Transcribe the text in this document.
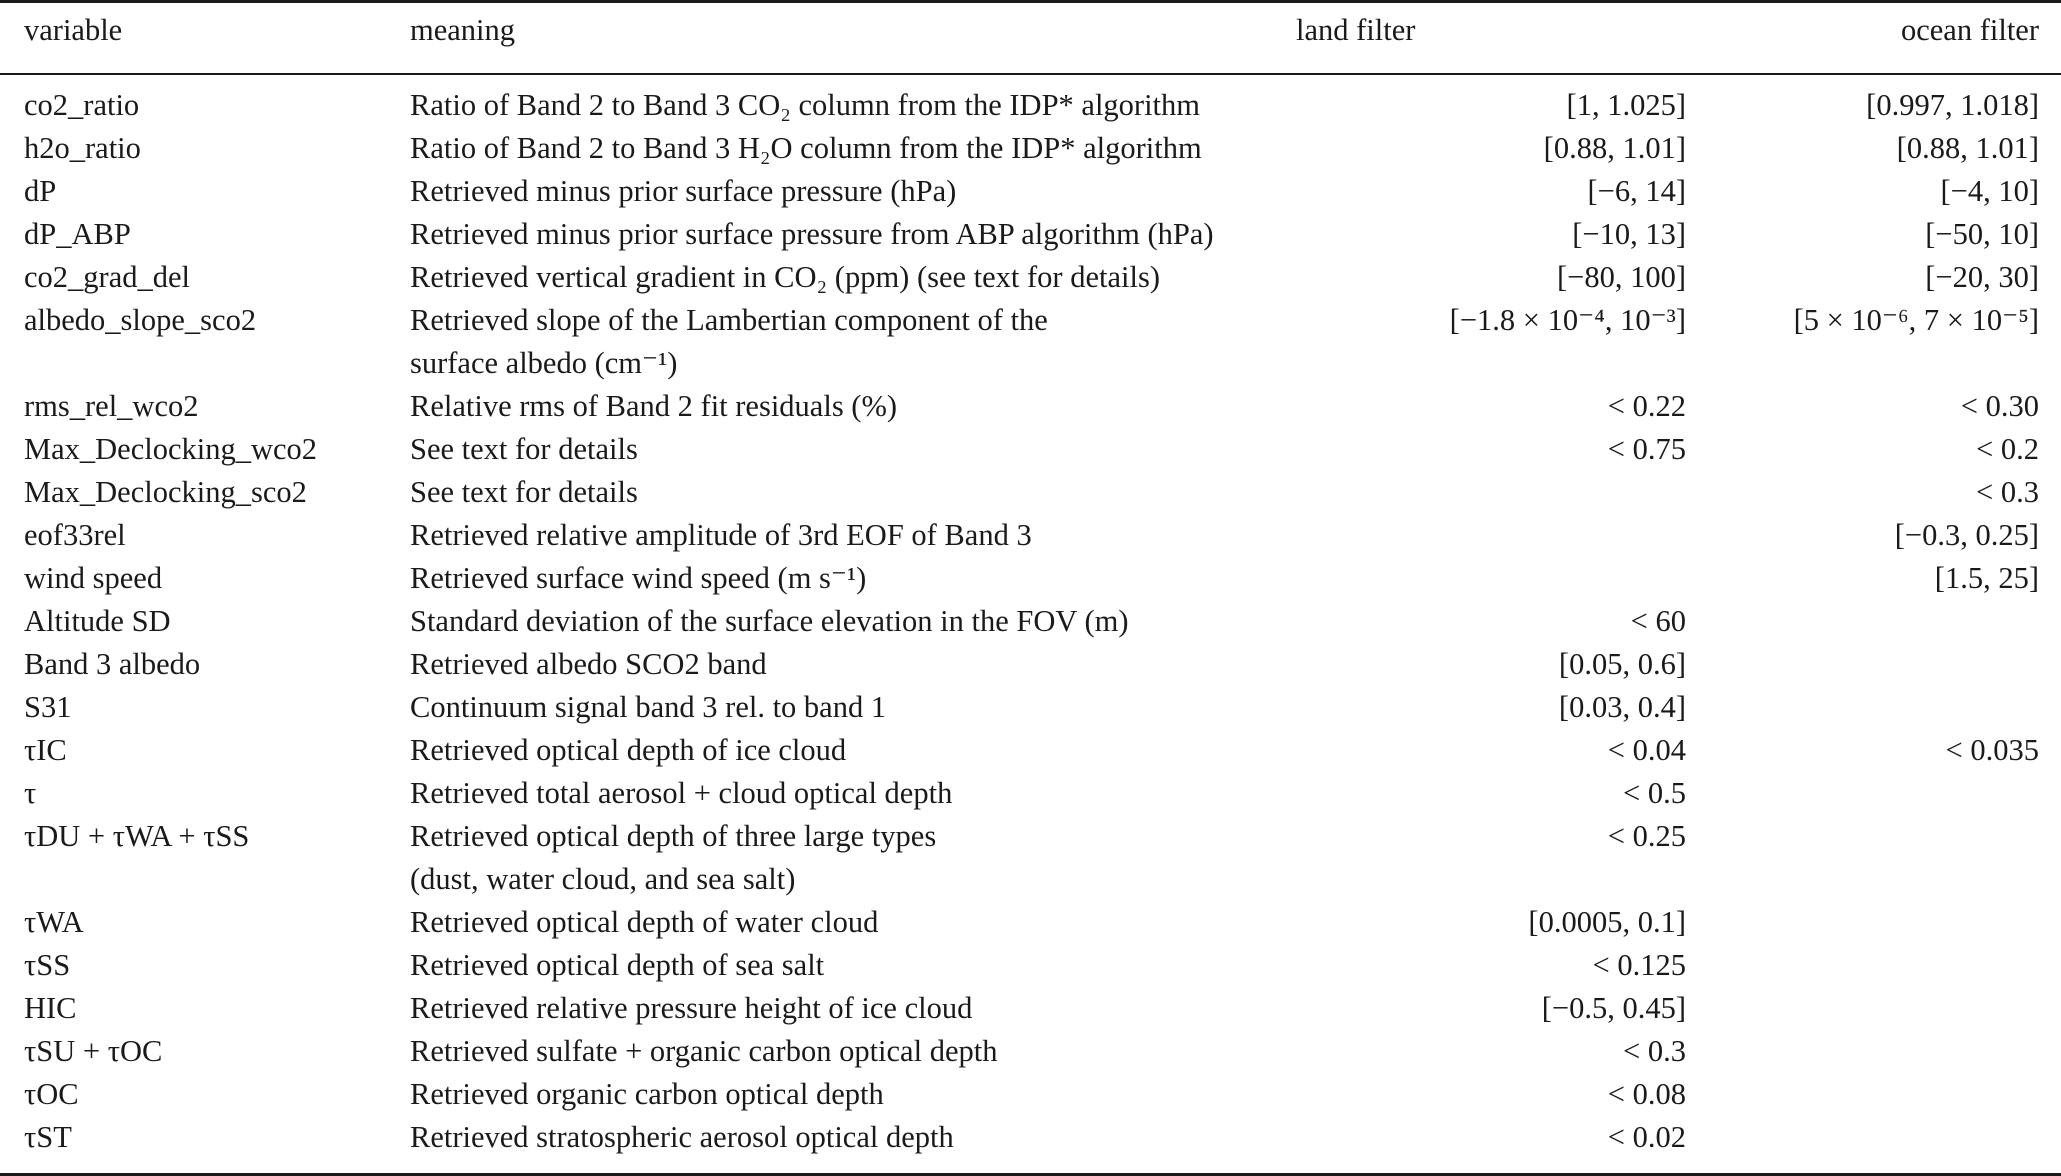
variable	meaning	land filter	ocean filter

co2_ratio	Ratio of Band 2 to Band 3 CO₂ column from the IDP* algorithm	[1, 1.025]	[0.997, 1.018]
h2o_ratio	Ratio of Band 2 to Band 3 H₂O column from the IDP* algorithm	[0.88, 1.01]	[0.88, 1.01]
dP	Retrieved minus prior surface pressure (hPa)	[−6, 14]	[−4, 10]
dP_ABP	Retrieved minus prior surface pressure from ABP algorithm (hPa)	[−10, 13]	[−50, 10]
co2_grad_del	Retrieved vertical gradient in CO₂ (ppm) (see text for details)	[−80, 100]	[−20, 30]
albedo_slope_sco2	Retrieved slope of the Lambertian component of the
surface albedo (cm⁻¹)	[−1.8 × 10⁻⁴, 10⁻³]	[5 × 10⁻⁶, 7 × 10⁻⁵]
rms_rel_wco2	Relative rms of Band 2 fit residuals (%)	< 0.22	< 0.30
Max_Declocking_wco2	See text for details	< 0.75	< 0.2
Max_Declocking_sco2	See text for details		< 0.3
eof33rel	Retrieved relative amplitude of 3rd EOF of Band 3		[−0.3, 0.25]
wind speed	Retrieved surface wind speed (m s⁻¹)		[1.5, 25]
Altitude SD	Standard deviation of the surface elevation in the FOV (m)	< 60	
Band 3 albedo	Retrieved albedo SCO2 band	[0.05, 0.6]	
S31	Continuum signal band 3 rel. to band 1	[0.03, 0.4]	
τIC	Retrieved optical depth of ice cloud	< 0.04	< 0.035
τ	Retrieved total aerosol + cloud optical depth	< 0.5	
τDU + τWA + τSS	Retrieved optical depth of three large types
(dust, water cloud, and sea salt)	< 0.25	
τWA	Retrieved optical depth of water cloud	[0.0005, 0.1]	
τSS	Retrieved optical depth of sea salt	< 0.125	
HIC	Retrieved relative pressure height of ice cloud	[−0.5, 0.45]	
τSU + τOC	Retrieved sulfate + organic carbon optical depth	< 0.3	
τOC	Retrieved organic carbon optical depth	< 0.08	
τST	Retrieved stratospheric aerosol optical depth	< 0.02	
